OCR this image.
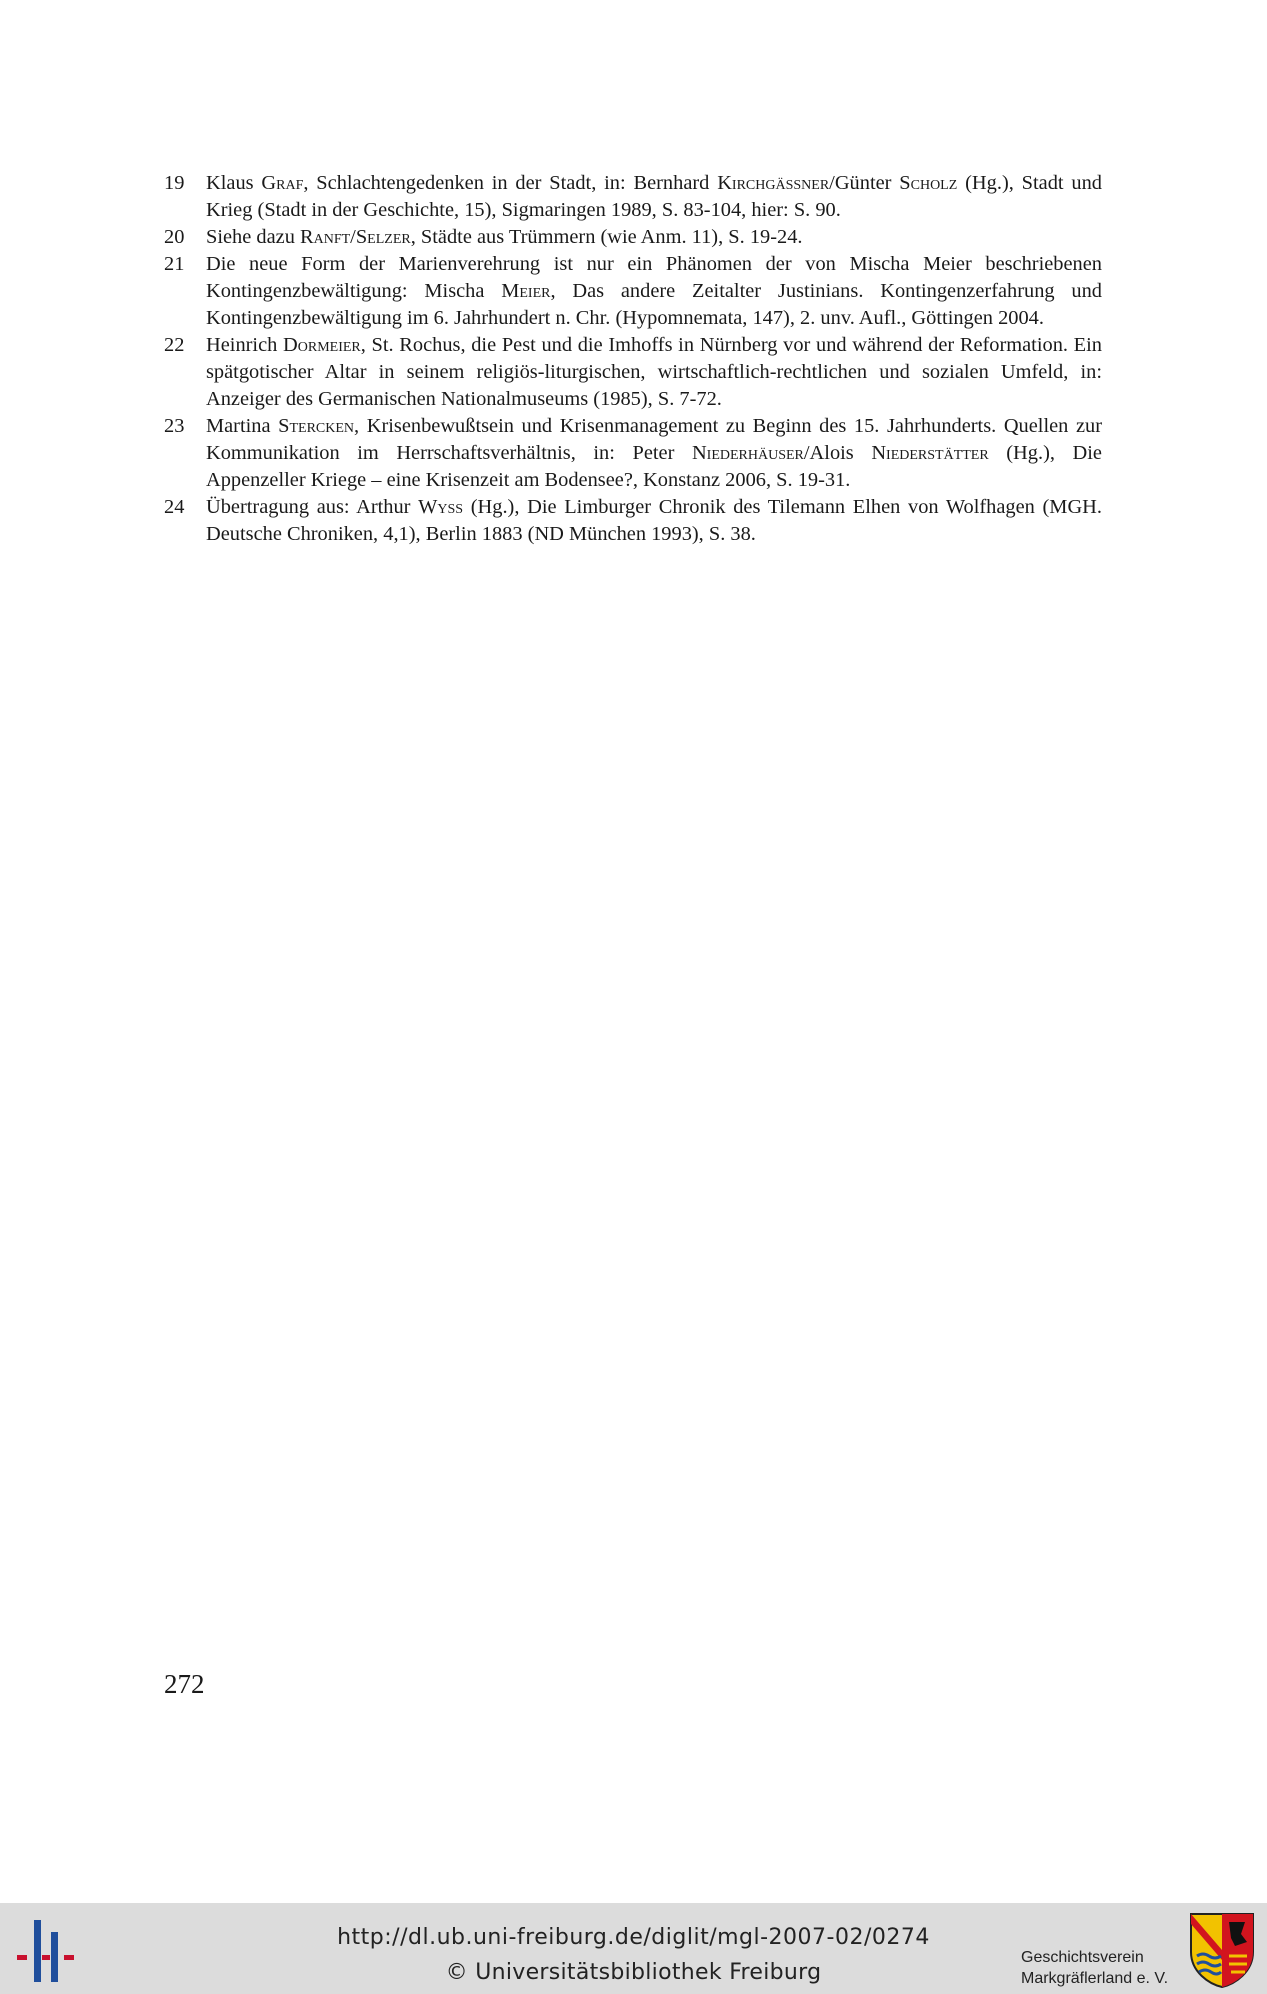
19	Klaus Graf, Schlachtengedenken in der Stadt, in: Bernhard Kirchgässner/Günter Scholz (Hg.), Stadt und Krieg (Stadt in der Geschichte, 15), Sigmaringen 1989, S. 83-104, hier: S. 90.
20	Siehe dazu Ranft/Selzer, Städte aus Trümmern (wie Anm. 11), S. 19-24.
21	Die neue Form der Marienverehrung ist nur ein Phänomen der von Mischa Meier beschriebenen Kontingenzbewältigung: Mischa Meier, Das andere Zeitalter Justinians. Kontingenzerfahrung und Kontingenzbewältigung im 6. Jahrhundert n. Chr. (Hypomnemata, 147), 2. unv. Aufl., Göttingen 2004.
22	Heinrich Dormeier, St. Rochus, die Pest und die Imhoffs in Nürnberg vor und während der Reformation. Ein spätgotischer Altar in seinem religiös-liturgischen, wirtschaftlich-rechtlichen und sozialen Umfeld, in: Anzeiger des Germanischen Nationalmuseums (1985), S. 7-72.
23	Martina Stercken, Krisenbewußtsein und Krisenmanagement zu Beginn des 15. Jahrhunderts. Quellen zur Kommunikation im Herrschaftsverhältnis, in: Peter Niederhäuser/Alois Niederstätter (Hg.), Die Appenzeller Kriege – eine Krisenzeit am Bodensee?, Konstanz 2006, S. 19-31.
24	Übertragung aus: Arthur Wyss (Hg.), Die Limburger Chronik des Tilemann Elhen von Wolfhagen (MGH. Deutsche Chroniken, 4,1), Berlin 1883 (ND München 1993), S. 38.
272
http://dl.ub.uni-freiburg.de/diglit/mgl-2007-02/0274
© Universitätsbibliothek Freiburg
Geschichtsverein
Markgräflerland e. V.
